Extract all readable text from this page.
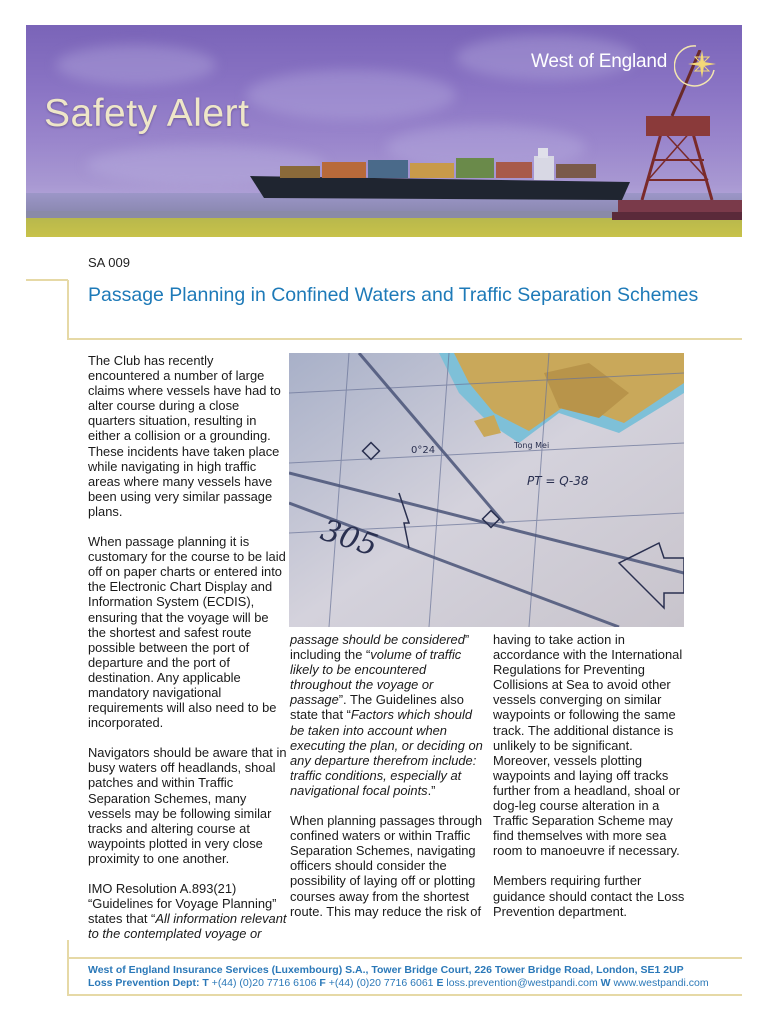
Safety Alert
West of England
SA 009
Passage Planning in Confined Waters and Traffic Separation Schemes

The Club has recently encountered a number of large claims where vessels have had to alter course during a close quarters situation, resulting in either a collision or a grounding. These incidents have taken place while navigating in high traffic areas where many vessels have been using very similar passage plans.

When passage planning it is customary for the course to be laid off on paper charts or entered into the Electronic Chart Display and Information System (ECDIS), ensuring that the voyage will be the shortest and safest route possible between the port of departure and the port of destination. Any applicable mandatory navigational requirements will also need to be incorporated.

Navigators should be aware that in busy waters off headlands, shoal patches and within Traffic Separation Schemes, many vessels may be following similar tracks and altering course at waypoints plotted in very close proximity to one another.

IMO Resolution A.893(21) “Guidelines for Voyage Planning” states that “All information relevant to the contemplated voyage or

305
PT = Q-38
0°24	Tong Mei

passage should be considered” including the “volume of traffic likely to be encountered throughout the voyage or passage”. The Guidelines also state that “Factors which should be taken into account when executing the plan, or deciding on any departure therefrom include: traffic conditions, especially at navigational focal points.”

When planning passages through confined waters or within Traffic Separation Schemes, navigating officers should consider the possibility of laying off or plotting courses away from the shortest route. This may reduce the risk of

having to take action in accordance with the International Regulations for Preventing Collisions at Sea to avoid other vessels converging on similar waypoints or following the same track. The additional distance is unlikely to be significant. Moreover, vessels plotting waypoints and laying off tracks further from a headland, shoal or dog-leg course alteration in a Traffic Separation Scheme may find themselves with more sea room to manoeuvre if necessary.

Members requiring further guidance should contact the Loss Prevention department.

West of England Insurance Services (Luxembourg) S.A., Tower Bridge Court, 226 Tower Bridge Road, London, SE1 2UP
Loss Prevention Dept: T +(44) (0)20 7716 6106 F +(44) (0)20 7716 6061 E loss.prevention@westpandi.com W www.westpandi.com
